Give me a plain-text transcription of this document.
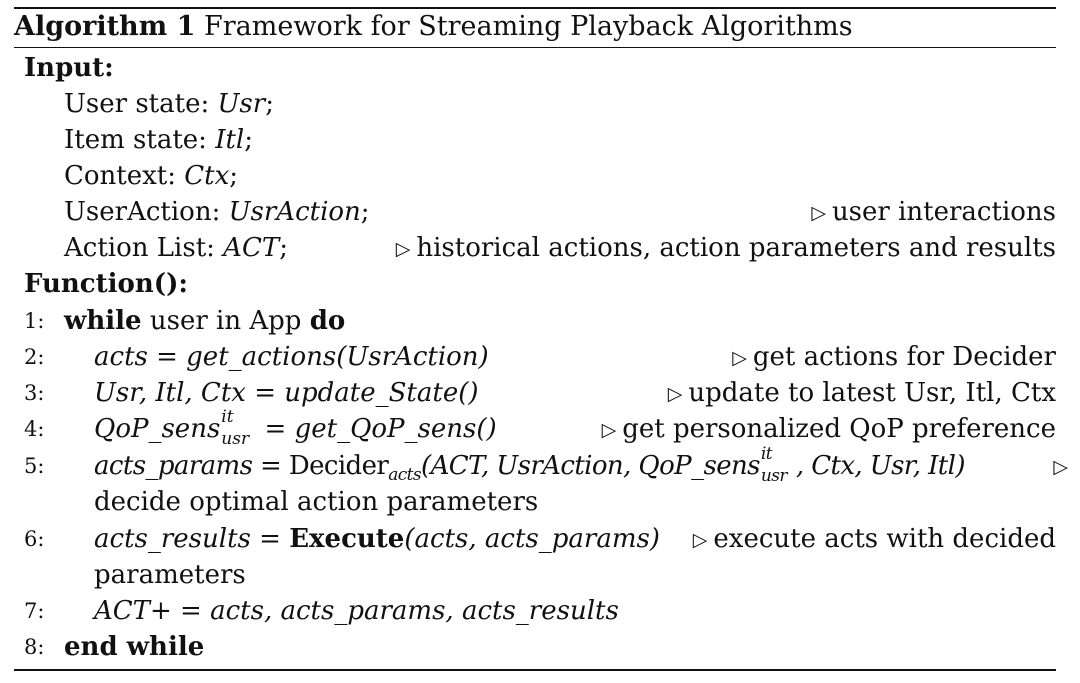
Algorithm 1 Framework for Streaming Playback Algorithms
Input:
User state: Usr;
Item state: Itl;
Context: Ctx;
UserAction: UsrAction;	▷ user interactions
Action List: ACT;	▷ historical actions, action parameters and results
Function():
1: while user in App do
2: acts = get_actions(UsrAction)	▷ get actions for Decider
3: Usr, Itl, Ctx = update_State()	▷ update to latest Usr, Itl, Ctx
4: QoP_sens it
usr = get_QoP_sens()	▷ get personalized QoP preference
5: acts_params = Decider$_{acts}$(ACT, UsrAction, QoP_sens it
usr , Ctx, Usr, Itl)	▷
decide optimal action parameters
6: acts_results = Execute(acts, acts_params) ▷ execute acts with decided
parameters
7: ACT+ = acts, acts_params, acts_results
8: end while
